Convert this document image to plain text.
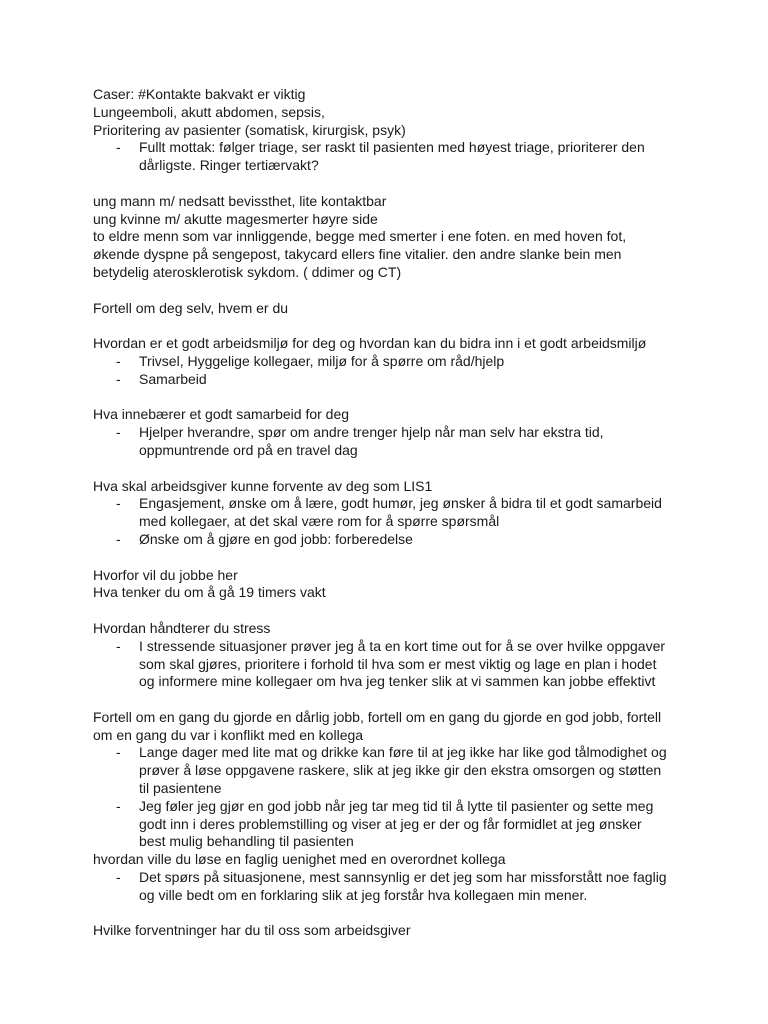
Caser: #Kontakte bakvakt er viktig
Lungeemboli, akutt abdomen, sepsis,
Prioritering av pasienter (somatisk, kirurgisk, psyk)
- Fullt mottak: følger triage, ser raskt til pasienten med høyest triage, prioriterer den
dårligste. Ringer tertiærvakt?
ung mann m/ nedsatt bevissthet, lite kontaktbar
ung kvinne m/ akutte magesmerter høyre side
to eldre menn som var innliggende, begge med smerter i ene foten. en med hoven fot,
økende dyspne på sengepost, takycard ellers fine vitalier. den andre slanke bein men
betydelig aterosklerotisk sykdom. ( ddimer og CT)
Fortell om deg selv, hvem er du
Hvordan er et godt arbeidsmiljø for deg og hvordan kan du bidra inn i et godt arbeidsmiljø
- Trivsel, Hyggelige kollegaer, miljø for å spørre om råd/hjelp
- Samarbeid
Hva innebærer et godt samarbeid for deg
- Hjelper hverandre, spør om andre trenger hjelp når man selv har ekstra tid,
oppmuntrende ord på en travel dag
Hva skal arbeidsgiver kunne forvente av deg som LIS1
- Engasjement, ønske om å lære, godt humør, jeg ønsker å bidra til et godt samarbeid
med kollegaer, at det skal være rom for å spørre spørsmål
- Ønske om å gjøre en god jobb: forberedelse
Hvorfor vil du jobbe her
Hva tenker du om å gå 19 timers vakt
Hvordan håndterer du stress
- I stressende situasjoner prøver jeg å ta en kort time out for å se over hvilke oppgaver
som skal gjøres, prioritere i forhold til hva som er mest viktig og lage en plan i hodet
og informere mine kollegaer om hva jeg tenker slik at vi sammen kan jobbe effektivt
Fortell om en gang du gjorde en dårlig jobb, fortell om en gang du gjorde en god jobb, fortell
om en gang du var i konflikt med en kollega
- Lange dager med lite mat og drikke kan føre til at jeg ikke har like god tålmodighet og
prøver å løse oppgavene raskere, slik at jeg ikke gir den ekstra omsorgen og støtten
til pasientene
- Jeg føler jeg gjør en god jobb når jeg tar meg tid til å lytte til pasienter og sette meg
godt inn i deres problemstilling og viser at jeg er der og får formidlet at jeg ønsker
best mulig behandling til pasienten
hvordan ville du løse en faglig uenighet med en overordnet kollega
- Det spørs på situasjonene, mest sannsynlig er det jeg som har missforstått noe faglig
og ville bedt om en forklaring slik at jeg forstår hva kollegaen min mener.
Hvilke forventninger har du til oss som arbeidsgiver
